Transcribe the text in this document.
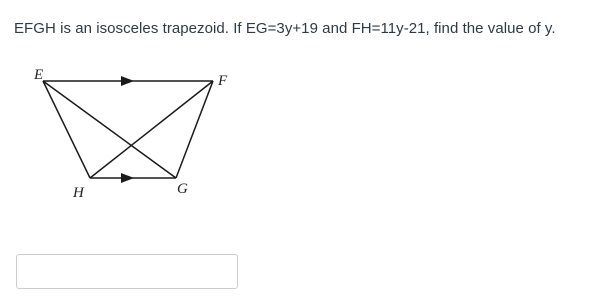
EFGH is an isosceles trapezoid. If EG=3y+19 and FH=11y-21, find the value of y.
E	F
H	G
